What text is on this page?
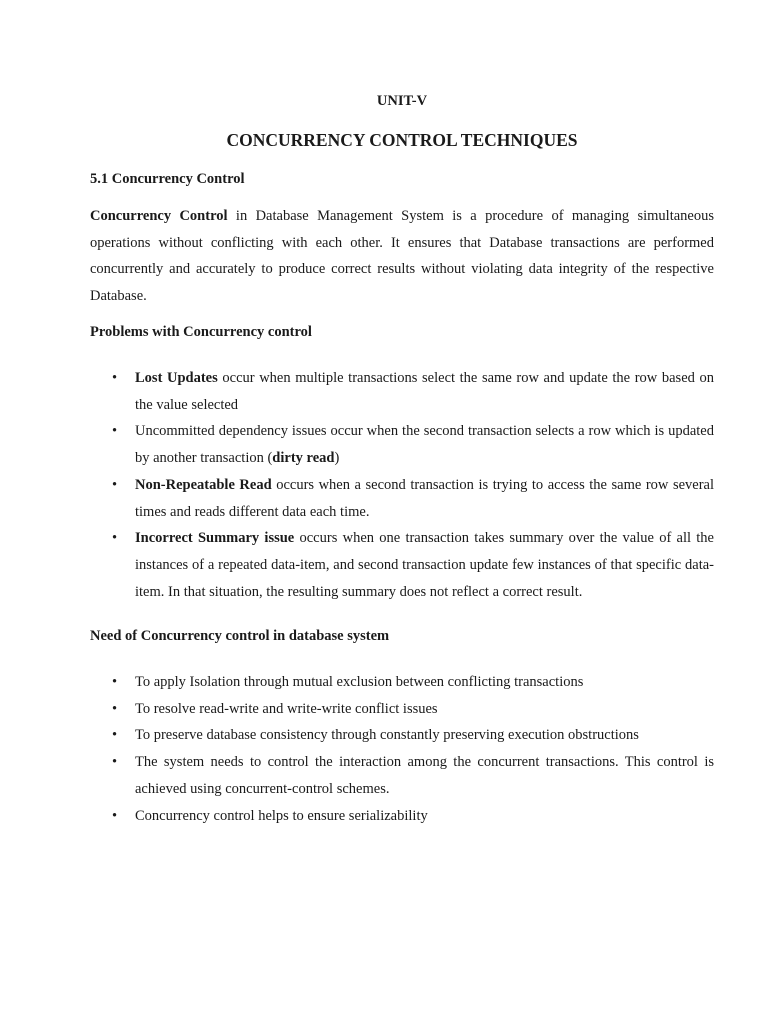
UNIT-V
CONCURRENCY CONTROL TECHNIQUES
5.1 Concurrency Control
Concurrency Control in Database Management System is a procedure of managing simultaneous operations without conflicting with each other. It ensures that Database transactions are performed concurrently and accurately to produce correct results without violating data integrity of the respective Database.
Problems with Concurrency control
• Lost Updates occur when multiple transactions select the same row and update the row based on the value selected
• Uncommitted dependency issues occur when the second transaction selects a row which is updated by another transaction (dirty read)
• Non-Repeatable Read occurs when a second transaction is trying to access the same row several times and reads different data each time.
• Incorrect Summary issue occurs when one transaction takes summary over the value of all the instances of a repeated data-item, and second transaction update few instances of that specific data-item. In that situation, the resulting summary does not reflect a correct result.
Need of Concurrency control in database system
• To apply Isolation through mutual exclusion between conflicting transactions
• To resolve read-write and write-write conflict issues
• To preserve database consistency through constantly preserving execution obstructions
• The system needs to control the interaction among the concurrent transactions. This control is achieved using concurrent-control schemes.
• Concurrency control helps to ensure serializability
